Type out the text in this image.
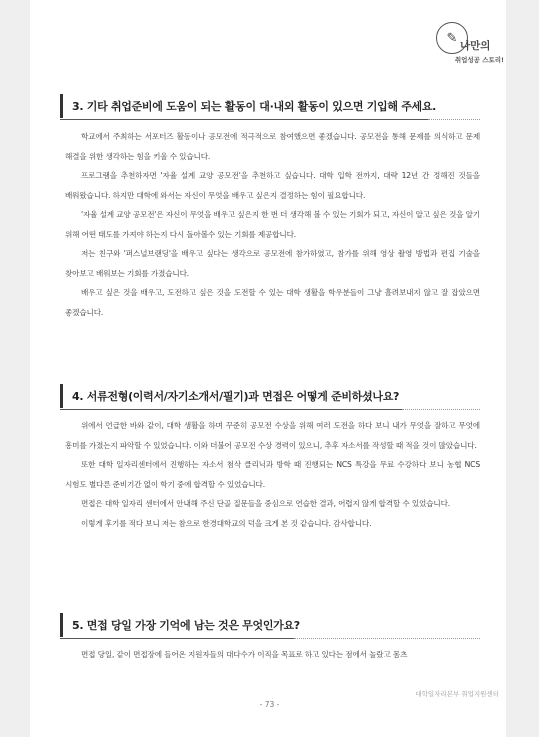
✎
나만의
취업성공 스토리!
3. 기타 취업준비에 도움이 되는 활동이 대·내외 활동이 있으면 기입해 주세요.

학교에서 주최하는 서포터즈 활동이나 공모전에 적극적으로 참여했으면 좋겠습니다. 공모전을 통해 문제를 의식하고 문제 해결을 위한 생각하는 힘을 키울 수 있습니다.

프로그램을 추천하자면 '자율 설계 교양 공모전'을 추천하고 싶습니다. 대학 입학 전까지, 대략 12년 간 정해진 것들을 배워왔습니다. 하지만 대학에 와서는 자신이 무엇을 배우고 싶은지 결정하는 힘이 필요합니다.

'자율 설계 교양 공모전'은 자신이 무엇을 배우고 싶은지 한 번 더 생각해 볼 수 있는 기회가 되고, 자신이 알고 싶은 것을 알기 위해 어떤 태도를 가져야 하는지 다시 돌아볼수 있는 기회를 제공합니다.

저는 친구와 '퍼스널브랜딩'을 배우고 싶다는 생각으로 공모전에 참가하였고, 참가를 위해 영상 촬영 방법과 편집 기술을 찾아보고 배워보는 기회를 가졌습니다.

배우고 싶은 것을 배우고, 도전하고 싶은 것을 도전할 수 있는 대학 생활을 학우분들이 그냥 흘려보내지 않고 잘 잡았으면 좋겠습니다.

4. 서류전형(이력서/자기소개서/필기)과 면접은 어떻게 준비하셨나요?

위에서 언급한 바와 같이, 대학 생활을 하며 꾸준히 공모전 수상을 위해 여러 도전을 하다 보니 내가 무엇을 잘하고 무엇에 흥미를 가졌는지 파악할 수 있었습니다. 이와 더불어 공모전 수상 경력이 있으니, 추후 자소서를 작성할 때 적을 것이 많았습니다.

또한 대학 일자리센터에서 진행하는 자소서 첨삭 클리닉과 방학 때 진행되는 NCS 특강을 무료 수강하다 보니 농협 NCS 시험도 별다른 준비기간 없이 학기 중에 합격할 수 있었습니다.

면접은 대학 일자리 센터에서 안내해 주신 단골 질문들을 중심으로 연습한 결과, 어렵지 않게 합격할 수 있었습니다.

이렇게 후기를 적다 보니 저는 참으로 한경대학교의 덕을 크게 본 것 같습니다. 감사합니다.

5. 면접 당일 가장 기억에 남는 것은 무엇인가요?

면접 당일, 같이 면접장에 들어온 지원자들의 대다수가 이직을 목표로 하고 있다는 점에서 놀랐고 몸츠

대학일자리본부 취업지원센터
- 73 -
